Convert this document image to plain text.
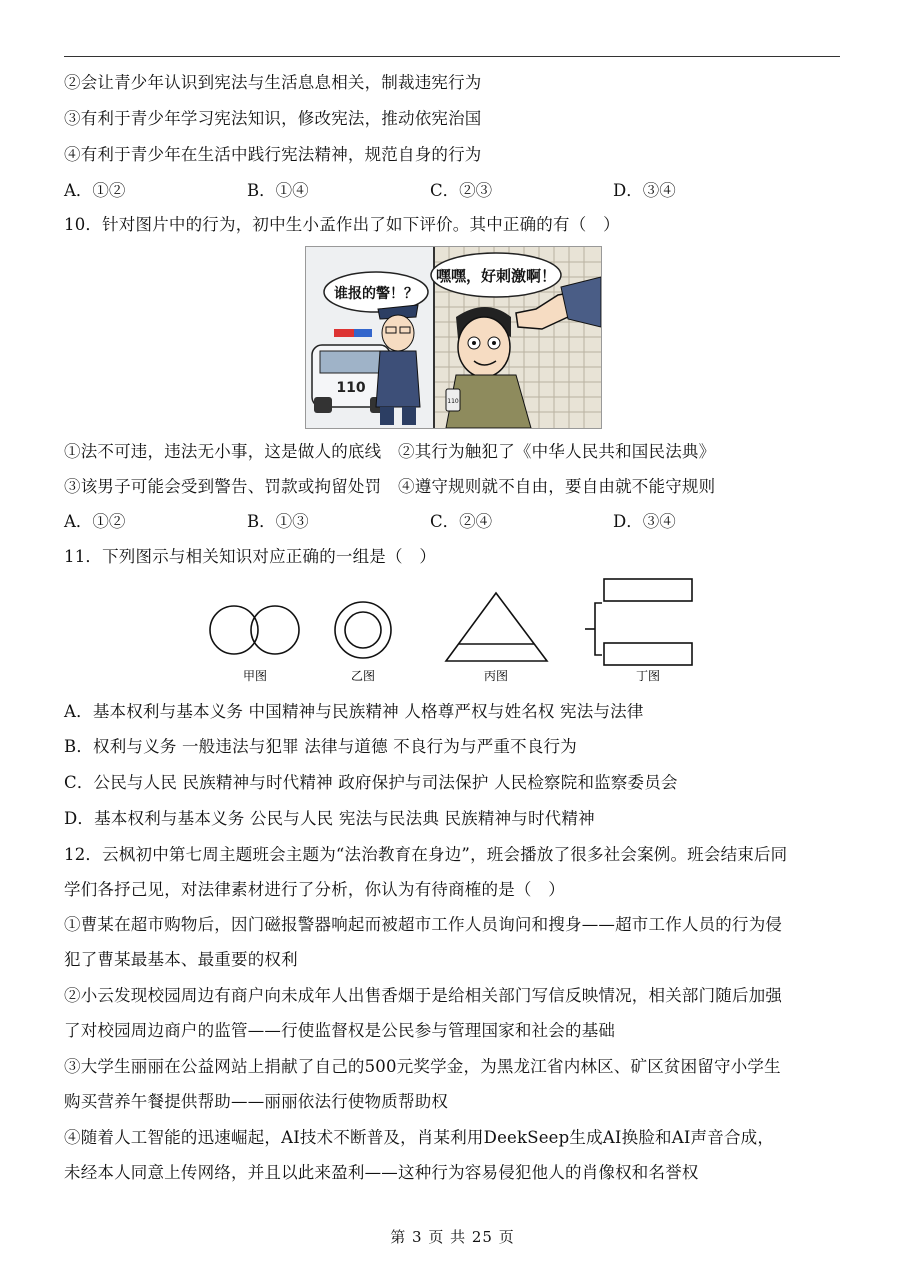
②会让青少年认识到宪法与生活息息相关，制裁违宪行为
③有利于青少年学习宪法知识，修改宪法，推动依宪治国
④有利于青少年在生活中践行宪法精神，规范自身的行为
A．①②	B．①④	C．②③	D．③④
10．针对图片中的行为，初中生小孟作出了如下评价。其中正确的有（　）
谁报的警！？
嘿嘿，好刺激啊！
110
110
①法不可违，违法无小事，这是做人的底线　②其行为触犯了《中华人民共和国民法典》
③该男子可能会受到警告、罚款或拘留处罚　④遵守规则就不自由，要自由就不能守规则
A．①②	B．①③	C．②④	D．③④
11．下列图示与相关知识对应正确的一组是（　）
甲图	乙图	丙图	丁图
A．基本权利与基本义务 中国精神与民族精神 人格尊严权与姓名权 宪法与法律
B．权利与义务 一般违法与犯罪 法律与道德 不良行为与严重不良行为
C．公民与人民 民族精神与时代精神 政府保护与司法保护 人民检察院和监察委员会
D．基本权利与基本义务 公民与人民 宪法与民法典 民族精神与时代精神
12．云枫初中第七周主题班会主题为“法治教育在身边”，班会播放了很多社会案例。班会结束后同
学们各抒己见，对法律素材进行了分析，你认为有待商榷的是（　）
①曹某在超市购物后，因门磁报警器响起而被超市工作人员询问和搜身——超市工作人员的行为侵
犯了曹某最基本、最重要的权利
②小云发现校园周边有商户向未成年人出售香烟于是给相关部门写信反映情况，相关部门随后加强
了对校园周边商户的监管——行使监督权是公民参与管理国家和社会的基础
③大学生丽丽在公益网站上捐献了自己的500元奖学金，为黑龙江省内林区、矿区贫困留守小学生
购买营养午餐提供帮助——丽丽依法行使物质帮助权
④随着人工智能的迅速崛起，AI技术不断普及，肖某利用DeekSeep生成AI换脸和AI声音合成，
未经本人同意上传网络，并且以此来盈利——这种行为容易侵犯他人的肖像权和名誉权
第 3 页 共 25 页
